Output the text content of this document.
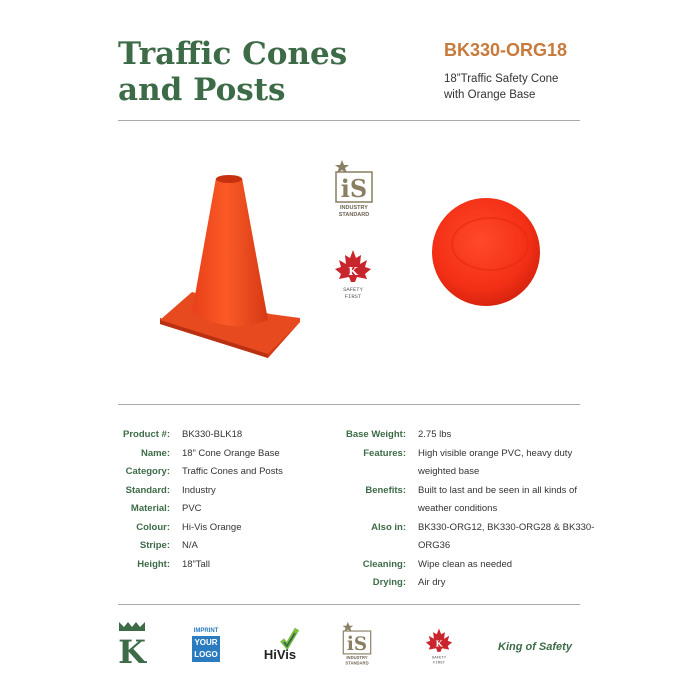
Traffic Cones
and Posts
BK330-ORG18
18”Traffic Safety Cone
with Orange Base
iS
INDUSTRY
STANDARD
K
SAFETY
FIRST
Product #:	BK330-BLK18
Name:	18” Cone Orange Base
Category:	Traffic Cones and Posts
Standard:	Industry
Material:	PVC
Colour:	Hi-Vis Orange
Stripe:	N/A
Height:	18”Tall
Base Weight:	2.75 lbs
Features:	High visible orange PVC, heavy duty
weighted base
Benefits:	Built to last and be seen in all kinds of
weather conditions
Also in:	BK330-ORG12, BK330-ORG28 & BK330-ORG36
Cleaning:	Wipe clean as needed
Drying:	Air dry
K
IMPRINT
YOUR
LOGO	HiVis iS
INDUSTRY
STANDARD
K
SAFETY
FIRST
King of Safety
